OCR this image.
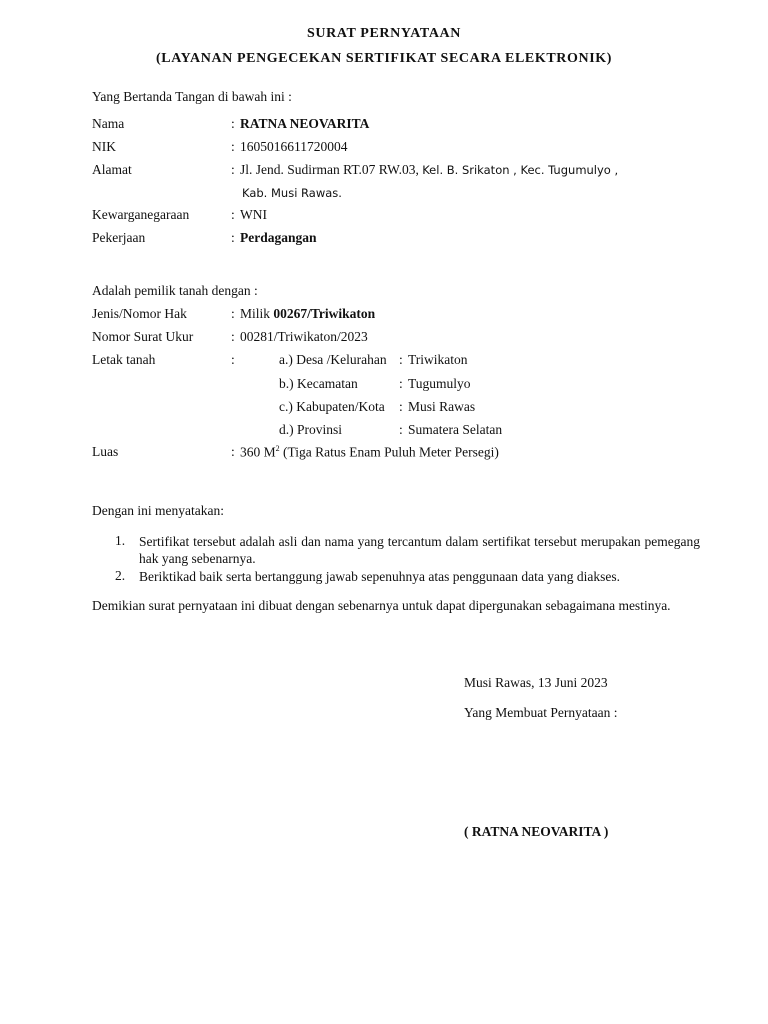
SURAT PERNYATAAN
(LAYANAN PENGECEKAN SERTIFIKAT SECARA ELEKTRONIK)
Yang Bertanda Tangan di bawah ini :
Nama	: RATNA NEOVARITA
NIK	: 1605016611720004
Alamat	: Jl. Jend. Sudirman RT.07 RW.03, Kel. B. Srikaton , Kec. Tugumulyo ,
Kab. Musi Rawas.
Kewarganegaraan	: WNI
Pekerjaan	: Perdagangan
Adalah pemilik tanah dengan :
Jenis/Nomor Hak	: Milik 00267/Triwikaton
Nomor Surat Ukur	: 00281/Triwikaton/2023
Letak tanah	:	a.) Desa /Kelurahan : Triwikaton
b.) Kecamatan	: Tugumulyo
c.) Kabupaten/Kota : Musi Rawas
d.) Provinsi	: Sumatera Selatan
Luas	: 360 $M^2$ (Tiga Ratus Enam Puluh Meter Persegi)
Dengan ini menyatakan:
1. Sertifikat tersebut adalah asli dan nama yang tercantum dalam sertifikat tersebut merupakan pemegang hak yang sebenarnya.
2. Beriktikad baik serta bertanggung jawab sepenuhnya atas penggunaan data yang diakses.
Demikian surat pernyataan ini dibuat dengan sebenarnya untuk dapat dipergunakan sebagaimana mestinya.
Musi Rawas, 13 Juni 2023
Yang Membuat Pernyataan :
( RATNA NEOVARITA )
